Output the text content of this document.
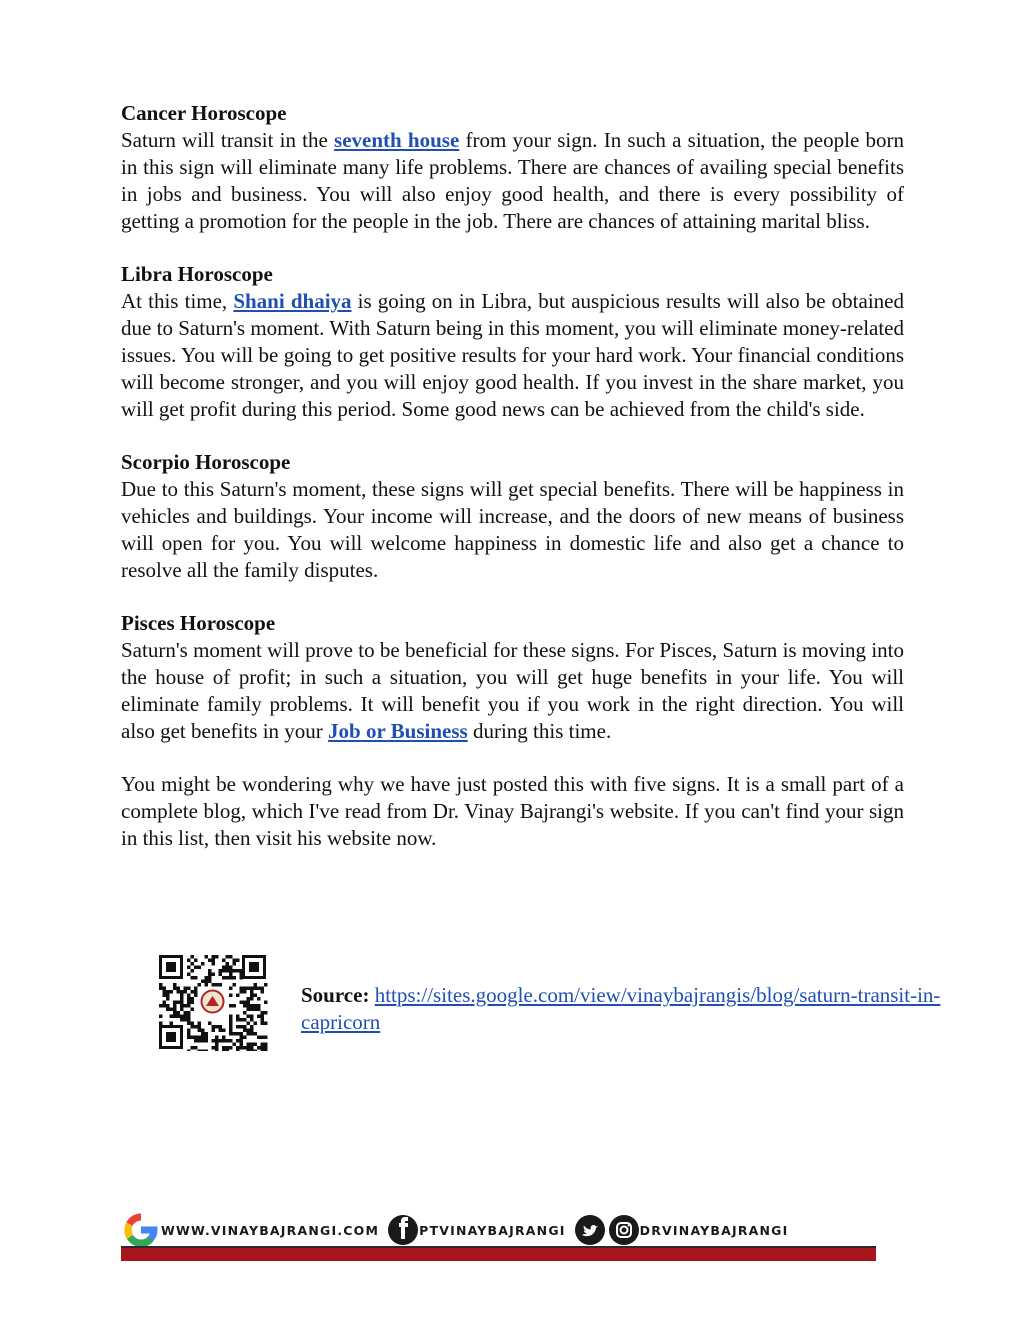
Cancer Horoscope

Saturn will transit in the seventh house from your sign. In such a situation, the people born in this sign will eliminate many life problems. There are chances of availing special benefits in jobs and business. You will also enjoy good health, and there is every possibility of getting a promotion for the people in the job. There are chances of attaining marital bliss.

Libra Horoscope

At this time, Shani dhaiya is going on in Libra, but auspicious results will also be obtained due to Saturn's moment. With Saturn being in this moment, you will eliminate money-related issues. You will be going to get positive results for your hard work. Your financial conditions will become stronger, and you will enjoy good health. If you invest in the share market, you will get profit during this period. Some good news can be achieved from the child's side.

Scorpio Horoscope

Due to this Saturn's moment, these signs will get special benefits. There will be happiness in vehicles and buildings. Your income will increase, and the doors of new means of business will open for you. You will welcome happiness in domestic life and also get a chance to resolve all the family disputes.

Pisces Horoscope

Saturn's moment will prove to be beneficial for these signs. For Pisces, Saturn is moving into the house of profit; in such a situation, you will get huge benefits in your life. You will eliminate family problems. It will benefit you if you work in the right direction. You will also get benefits in your Job or Business during this time.

You might be wondering why we have just posted this with five signs. It is a small part of a complete blog, which I've read from Dr. Vinay Bajrangi's website. If you can't find your sign in this list, then visit his website now.

Source: https://sites.google.com/view/vinaybajrangis/blog/saturn-transit-in-capricorn
WWW.VINAYBAJRANGI.COM	PTVINAYBAJRANGI	DRVINAYBAJRANGI
